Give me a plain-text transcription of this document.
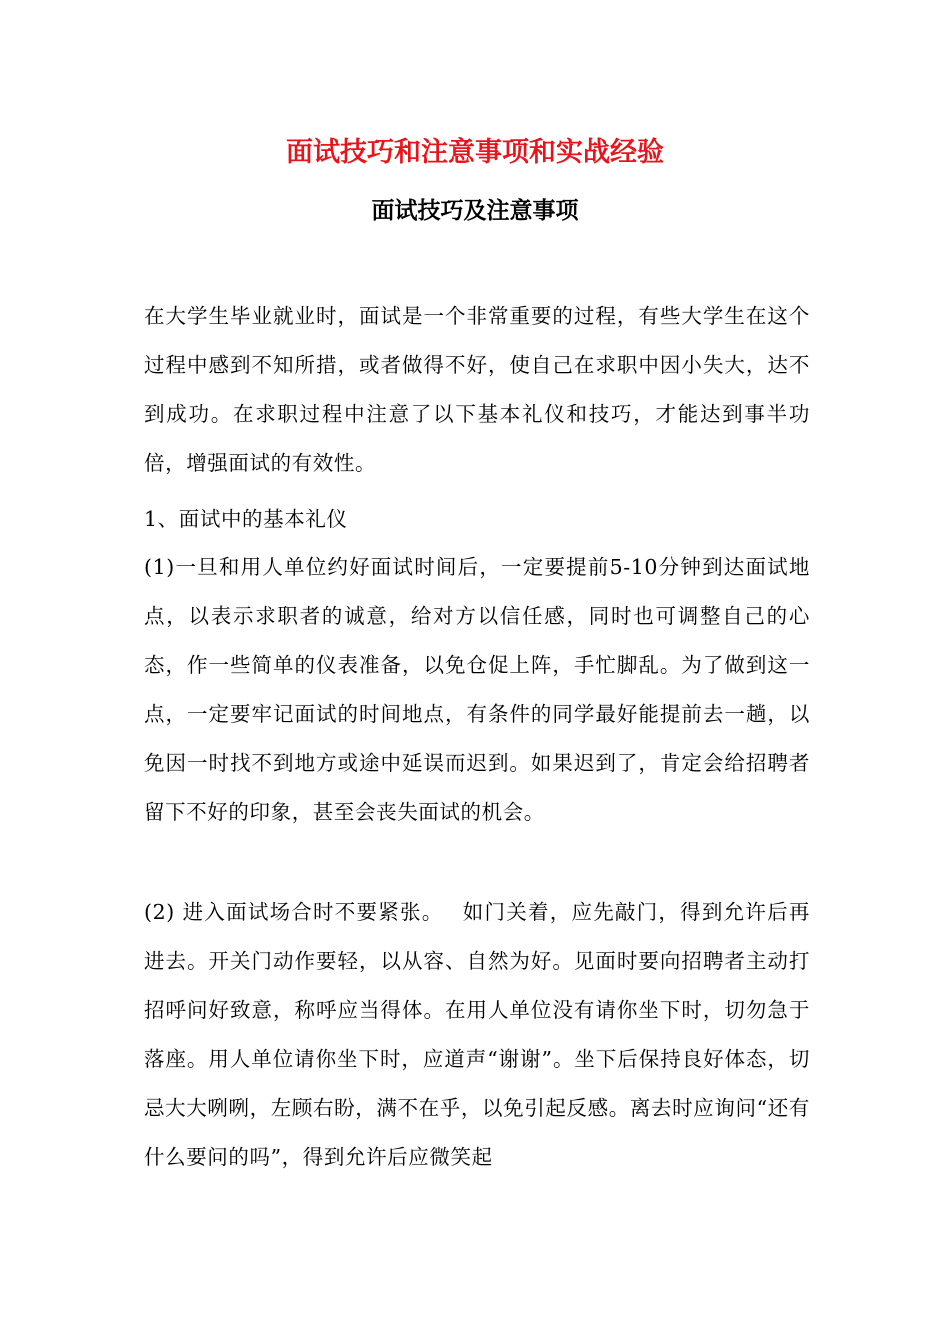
面试技巧和注意事项和实战经验
面试技巧及注意事项

在大学生毕业就业时，面试是一个非常重要的过程，有些大学生在这个过程中感到不知所措，或者做得不好，使自己在求职中因小失大，达不到成功。在求职过程中注意了以下基本礼仪和技巧，才能达到事半功倍，增强面试的有效性。

1、面试中的基本礼仪

(1)一旦和用人单位约好面试时间后，一定要提前5-10分钟到达面试地点，以表示求职者的诚意，给对方以信任感，同时也可调整自己的心态，作一些简单的仪表准备，以免仓促上阵，手忙脚乱。为了做到这一点，一定要牢记面试的时间地点，有条件的同学最好能提前去一趟，以免因一时找不到地方或途中延误而迟到。如果迟到了，肯定会给招聘者留下不好的印象，甚至会丧失面试的机会。

(2) 进入面试场合时不要紧张。　 如门关着，应先敲门，得到允许后再进去。开关门动作要轻，以从容、自然为好。见面时要向招聘者主动打招呼问好致意，称呼应当得体。在用人单位没有请你坐下时，切勿急于落座。用人单位请你坐下时，应道声“谢谢”。坐下后保持良好体态，切忌大大咧咧，左顾右盼，满不在乎，以免引起反感。离去时应询问“还有什么要问的吗”，得到允许后应微笑起
